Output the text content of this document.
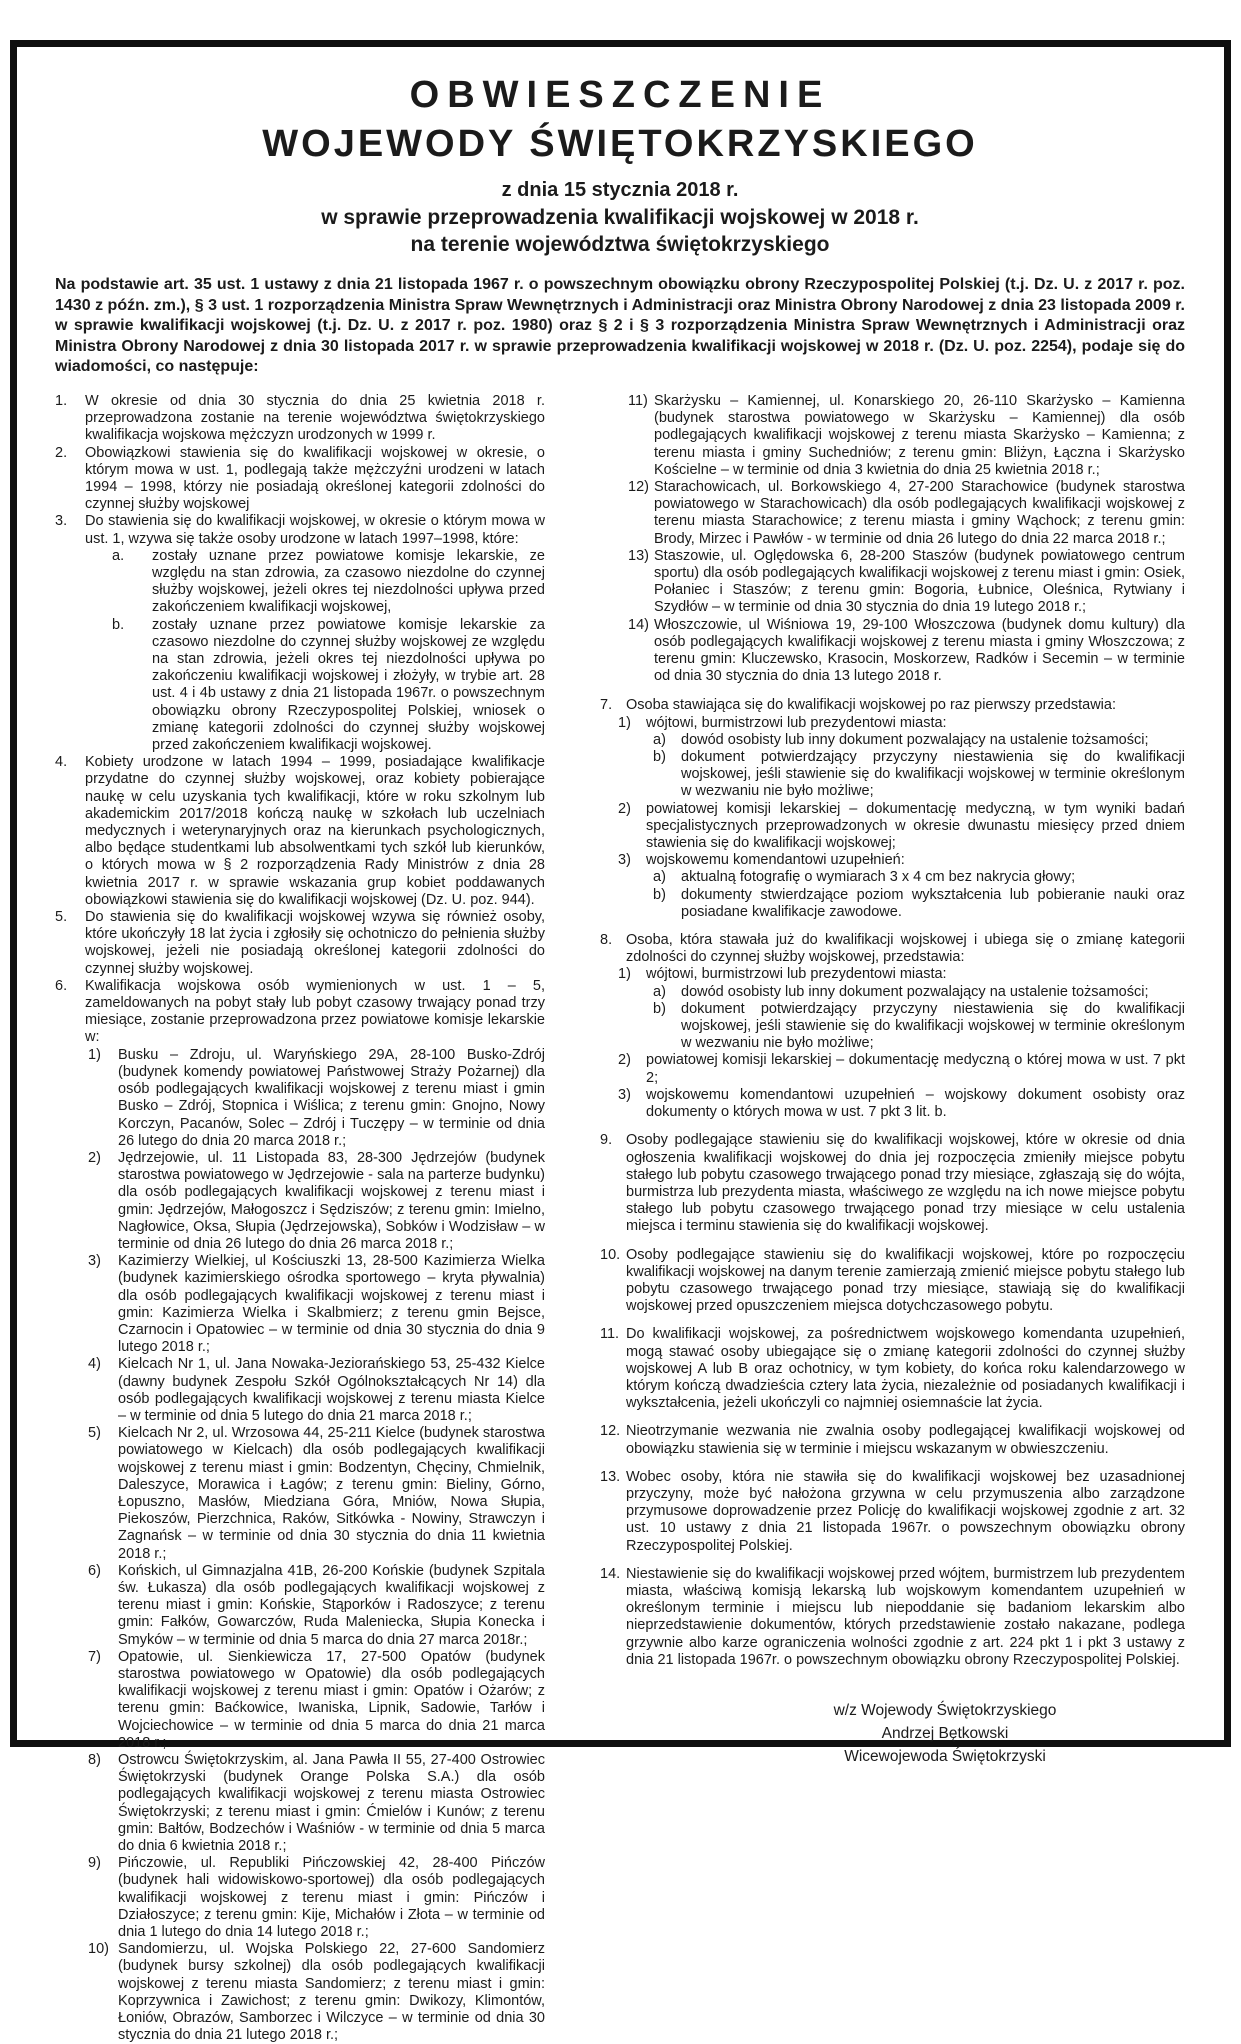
OBWIESZCZENIE
WOJEWODY ŚWIĘTOKRZYSKIEGO

z dnia 15 stycznia 2018 r.

w sprawie przeprowadzenia kwalifikacji wojskowej w 2018 r.

na terenie województwa świętokrzyskiego

Na podstawie art. 35 ust. 1 ustawy z dnia 21 listopada 1967 r. o powszechnym obowiązku obrony Rzeczypospolitej Polskiej (t.j. Dz. U. z 2017 r. poz. 1430 z późn. zm.), § 3 ust. 1 rozporządzenia Ministra Spraw Wewnętrznych i Administracji oraz Ministra Obrony Narodowej z dnia 23 listopada 2009 r. w sprawie kwalifikacji wojskowej (t.j. Dz. U. z 2017 r. poz. 1980) oraz § 2 i § 3 rozporządzenia Ministra Spraw Wewnętrznych i Administracji oraz Ministra Obrony Narodowej z dnia 30 listopada 2017 r. w sprawie przeprowadzenia kwalifikacji wojskowej w 2018 r. (Dz. U. poz. 2254), podaje się do wiadomości, co następuje:

1.	W okresie od dnia 30 stycznia do dnia 25 kwietnia 2018 r. przeprowadzona zostanie na terenie województwa świętokrzyskiego kwalifikacja wojskowa mężczyzn urodzonych w 1999 r.
2.	Obowiązkowi stawienia się do kwalifikacji wojskowej w okresie, o którym mowa w ust. 1, podlegają także mężczyźni urodzeni w latach 1994 – 1998, którzy nie posiadają określonej kategorii zdolności do czynnej służby wojskowej
3.	Do stawienia się do kwalifikacji wojskowej, w okresie o którym mowa w ust. 1, wzywa się także osoby urodzone w latach 1997–1998, które:
a.	zostały uznane przez powiatowe komisje lekarskie, ze względu na stan zdrowia, za czasowo niezdolne do czynnej służby wojskowej, jeżeli okres tej niezdolności upływa przed zakończeniem kwalifikacji wojskowej,
b.	zostały uznane przez powiatowe komisje lekarskie za czasowo niezdolne do czynnej służby wojskowej ze względu na stan zdrowia, jeżeli okres tej niezdolności upływa po zakończeniu kwalifikacji wojskowej i złożyły, w trybie art. 28 ust. 4 i 4b ustawy z dnia 21 listopada 1967r. o powszechnym obowiązku obrony Rzeczypospolitej Polskiej, wniosek o zmianę kategorii zdolności do czynnej służby wojskowej przed zakończeniem kwalifikacji wojskowej.
4.	Kobiety urodzone w latach 1994 – 1999, posiadające kwalifikacje przydatne do czynnej służby wojskowej, oraz kobiety pobierające naukę w celu uzyskania tych kwalifikacji, które w roku szkolnym lub akademickim 2017/2018 kończą naukę w szkołach lub uczelniach medycznych i weterynaryjnych oraz na kierunkach psychologicznych, albo będące studentkami lub absolwentkami tych szkół lub kierunków, o których mowa w § 2 rozporządzenia Rady Ministrów z dnia 28 kwietnia 2017 r. w sprawie wskazania grup kobiet poddawanych obowiązkowi stawienia się do kwalifikacji wojskowej (Dz. U. poz. 944).
5.	Do stawienia się do kwalifikacji wojskowej wzywa się również osoby, które ukończyły 18 lat życia i zgłosiły się ochotniczo do pełnienia służby wojskowej, jeżeli nie posiadają określonej kategorii zdolności do czynnej służby wojskowej.
6.	Kwalifikacja wojskowa osób wymienionych w ust. 1 – 5, zameldowanych na pobyt stały lub pobyt czasowy trwający ponad trzy miesiące, zostanie przeprowadzona przez powiatowe komisje lekarskie w:
1)	Busku – Zdroju, ul. Waryńskiego 29A, 28-100 Busko-Zdrój (budynek komendy powiatowej Państwowej Straży Pożarnej) dla osób podlegających kwalifikacji wojskowej z terenu miast i gmin Busko – Zdrój, Stopnica i Wiślica; z terenu gmin: Gnojno, Nowy Korczyn, Pacanów, Solec – Zdrój i Tuczępy – w terminie od dnia 26 lutego do dnia 20 marca 2018 r.;
2)	Jędrzejowie, ul. 11 Listopada 83, 28-300 Jędrzejów (budynek starostwa powiatowego w Jędrzejowie - sala na parterze budynku) dla osób podlegających kwalifikacji wojskowej z terenu miast i gmin: Jędrzejów, Małogoszcz i Sędziszów; z terenu gmin: Imielno, Nagłowice, Oksa, Słupia (Jędrzejowska), Sobków i Wodzisław – w terminie od dnia 26 lutego do dnia 26 marca 2018 r.;
3)	Kazimierzy Wielkiej, ul Kościuszki 13, 28-500 Kazimierza Wielka (budynek kazimierskiego ośrodka sportowego – kryta pływalnia) dla osób podlegających kwalifikacji wojskowej z terenu miast i gmin: Kazimierza Wielka i Skalbmierz; z terenu gmin Bejsce, Czarnocin i Opatowiec – w terminie od dnia 30 stycznia do dnia 9 lutego 2018 r.;
4)	Kielcach Nr 1, ul. Jana Nowaka-Jeziorańskiego 53, 25-432 Kielce (dawny budynek Zespołu Szkół Ogólnokształcących Nr 14) dla osób podlegających kwalifikacji wojskowej z terenu miasta Kielce – w terminie od dnia 5 lutego do dnia 21 marca 2018 r.;
5)	Kielcach Nr 2, ul. Wrzosowa 44, 25-211 Kielce (budynek starostwa powiatowego w Kielcach) dla osób podlegających kwalifikacji wojskowej z terenu miast i gmin: Bodzentyn, Chęciny, Chmielnik, Daleszyce, Morawica i Łagów; z terenu gmin: Bieliny, Górno, Łopuszno, Masłów, Miedziana Góra, Mniów, Nowa Słupia, Piekoszów, Pierzchnica, Raków, Sitkówka - Nowiny, Strawczyn i Zagnańsk – w terminie od dnia 30 stycznia do dnia 11 kwietnia 2018 r.;
6)	Końskich, ul Gimnazjalna 41B, 26-200 Końskie (budynek Szpitala św. Łukasza) dla osób podlegających kwalifikacji wojskowej z terenu miast i gmin: Końskie, Stąporków i Radoszyce; z terenu gmin: Fałków, Gowarczów, Ruda Maleniecka, Słupia Konecka i Smyków – w terminie od dnia 5 marca do dnia 27 marca 2018r.;
7)	Opatowie, ul. Sienkiewicza 17, 27-500 Opatów (budynek starostwa powiatowego w Opatowie) dla osób podlegających kwalifikacji wojskowej z terenu miast i gmin: Opatów i Ożarów; z terenu gmin: Baćkowice, Iwaniska, Lipnik, Sadowie, Tarłów i Wojciechowice – w terminie od dnia 5 marca do dnia 21 marca 2018 r.;
8)	Ostrowcu Świętokrzyskim, al. Jana Pawła II 55, 27-400 Ostrowiec Świętokrzyski (budynek Orange Polska S.A.) dla osób podlegających kwalifikacji wojskowej z terenu miasta Ostrowiec Świętokrzyski; z terenu miast i gmin: Ćmielów i Kunów; z terenu gmin: Bałtów, Bodzechów i Waśniów - w terminie od dnia 5 marca do dnia 6 kwietnia 2018 r.;
9)	Pińczowie, ul. Republiki Pińczowskiej 42, 28-400 Pińczów (budynek hali widowiskowo-sportowej) dla osób podlegających kwalifikacji wojskowej z terenu miast i gmin: Pińczów i Działoszyce; z terenu gmin: Kije, Michałów i Złota – w terminie od dnia 1 lutego do dnia 14 lutego 2018 r.;
10) Sandomierzu, ul. Wojska Polskiego 22, 27-600 Sandomierz (budynek bursy szkolnej) dla osób podlegających kwalifikacji wojskowej z terenu miasta Sandomierz; z terenu miast i gmin: Koprzywnica i Zawichost; z terenu gmin: Dwikozy, Klimontów, Łoniów, Obrazów, Samborzec i Wilczyce – w terminie od dnia 30 stycznia do dnia 21 lutego 2018 r.;
11) Skarżysku – Kamiennej, ul. Konarskiego 20, 26-110 Skarżysko – Kamienna (budynek starostwa powiatowego w Skarżysku – Kamiennej) dla osób podlegających kwalifikacji wojskowej z terenu miasta Skarżysko – Kamienna; z terenu miasta i gminy Suchedniów; z terenu gmin: Bliżyn, Łączna i Skarżysko Kościelne – w terminie od dnia 3 kwietnia do dnia 25 kwietnia 2018 r.;
12) Starachowicach, ul. Borkowskiego 4, 27-200 Starachowice (budynek starostwa powiatowego w Starachowicach) dla osób podlegających kwalifikacji wojskowej z terenu miasta Starachowice; z terenu miasta i gminy Wąchock; z terenu gmin: Brody, Mirzec i Pawłów - w terminie od dnia 26 lutego do dnia 22 marca 2018 r.;
13) Staszowie, ul. Oględowska 6, 28-200 Staszów (budynek powiatowego centrum sportu) dla osób podlegających kwalifikacji wojskowej z terenu miast i gmin: Osiek, Połaniec i Staszów; z terenu gmin: Bogoria, Łubnice, Oleśnica, Rytwiany i Szydłów – w terminie od dnia 30 stycznia do dnia 19 lutego 2018 r.;
14) Włoszczowie, ul Wiśniowa 19, 29-100 Włoszczowa (budynek domu kultury) dla osób podlegających kwalifikacji wojskowej z terenu miasta i gminy Włoszczowa; z terenu gmin: Kluczewsko, Krasocin, Moskorzew, Radków i Secemin – w terminie od dnia 30 stycznia do dnia 13 lutego 2018 r.
7. Osoba stawiająca się do kwalifikacji wojskowej po raz pierwszy przedstawia:
1)	wójtowi, burmistrzowi lub prezydentowi miasta:
a)	dowód osobisty lub inny dokument pozwalający na ustalenie tożsamości;
b)	dokument potwierdzający przyczyny niestawienia się do kwalifikacji wojskowej, jeśli stawienie się do kwalifikacji wojskowej w terminie określonym w wezwaniu nie było możliwe;
2)	powiatowej komisji lekarskiej – dokumentację medyczną, w tym wyniki badań specjalistycznych przeprowadzonych w okresie dwunastu miesięcy przed dniem stawienia się do kwalifikacji wojskowej;
3)	wojskowemu komendantowi uzupełnień:
a)	aktualną fotografię o wymiarach 3 x 4 cm bez nakrycia głowy;
b)	dokumenty stwierdzające poziom wykształcenia lub pobieranie nauki oraz posiadane kwalifikacje zawodowe.
8. Osoba, która stawała już do kwalifikacji wojskowej i ubiega się o zmianę kategorii zdolności do czynnej służby wojskowej, przedstawia:
1)	wójtowi, burmistrzowi lub prezydentowi miasta:
a)	dowód osobisty lub inny dokument pozwalający na ustalenie tożsamości;
b)	dokument potwierdzający przyczyny niestawienia się do kwalifikacji wojskowej, jeśli stawienie się do kwalifikacji wojskowej w terminie określonym w wezwaniu nie było możliwe;
2)	powiatowej komisji lekarskiej – dokumentację medyczną o której mowa w ust. 7 pkt 2;
3)	wojskowemu komendantowi uzupełnień – wojskowy dokument osobisty oraz dokumenty o których mowa w ust. 7 pkt 3 lit. b.
9. Osoby podlegające stawieniu się do kwalifikacji wojskowej, które w okresie od dnia ogłoszenia kwalifikacji wojskowej do dnia jej rozpoczęcia zmieniły miejsce pobytu stałego lub pobytu czasowego trwającego ponad trzy miesiące, zgłaszają się do wójta, burmistrza lub prezydenta miasta, właściwego ze względu na ich nowe miejsce pobytu stałego lub pobytu czasowego trwającego ponad trzy miesiące w celu ustalenia miejsca i terminu stawienia się do kwalifikacji wojskowej.
10. Osoby podlegające stawieniu się do kwalifikacji wojskowej, które po rozpoczęciu kwalifikacji wojskowej na danym terenie zamierzają zmienić miejsce pobytu stałego lub pobytu czasowego trwającego ponad trzy miesiące, stawiają się do kwalifikacji wojskowej przed opuszczeniem miejsca dotychczasowego pobytu.
11. Do kwalifikacji wojskowej, za pośrednictwem wojskowego komendanta uzupełnień, mogą stawać osoby ubiegające się o zmianę kategorii zdolności do czynnej służby wojskowej A lub B oraz ochotnicy, w tym kobiety, do końca roku kalendarzowego w którym kończą dwadzieścia cztery lata życia, niezależnie od posiadanych kwalifikacji i wykształcenia, jeżeli ukończyli co najmniej osiemnaście lat życia.
12. Nieotrzymanie wezwania nie zwalnia osoby podlegającej kwalifikacji wojskowej od obowiązku stawienia się w terminie i miejscu wskazanym w obwieszczeniu.
13. Wobec osoby, która nie stawiła się do kwalifikacji wojskowej bez uzasadnionej przyczyny, może być nałożona grzywna w celu przymuszenia albo zarządzone przymusowe doprowadzenie przez Policję do kwalifikacji wojskowej zgodnie z art. 32 ust. 10 ustawy z dnia 21 listopada 1967r. o powszechnym obowiązku obrony Rzeczypospolitej Polskiej.
14. Niestawienie się do kwalifikacji wojskowej przed wójtem, burmistrzem lub prezydentem miasta, właściwą komisją lekarską lub wojskowym komendantem uzupełnień w określonym terminie i miejscu lub niepoddanie się badaniom lekarskim albo nieprzedstawienie dokumentów, których przedstawienie zostało nakazane, podlega grzywnie albo karze ograniczenia wolności zgodnie z art. 224 pkt 1 i pkt 3 ustawy z dnia 21 listopada 1967r. o powszechnym obowiązku obrony Rzeczypospolitej Polskiej.

w/z Wojewody Świętokrzyskiego

Andrzej Bętkowski

Wicewojewoda Świętokrzyski
